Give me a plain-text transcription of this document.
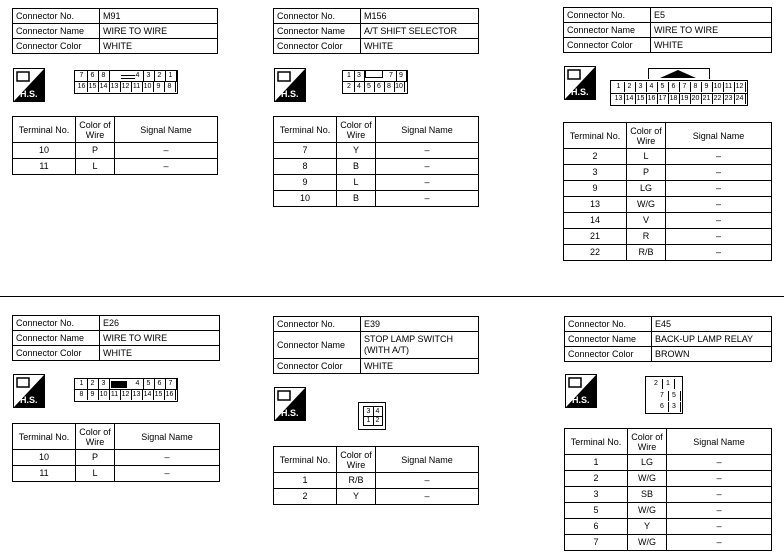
Connector No.	M91
Connector Name	WIRE TO WIRE
Connector Color	WHITE
H.S.
7	6	8	4	3	2	1
16 15 14 13 12 11 10 9	8
Terminal No.	Color of Wire	Signal Name
10	P	–
11	L	–
Connector No.	M156
Connector Name	A/T SHIFT SELECTOR
Connector Color	WHITE
H.S.
1 3	7 9
2 4 5 6 8 10
Terminal No.	Color of Wire	Signal Name
7	Y	–
8	B	–
9	L	–
10	B	–
Connector No.	E5
Connector Name	WIRE TO WIRE
Connector Color	WHITE
H.S.
1	2	3	4	5	6	7	8	9 10 11 12
13 14 15 16 17 18 19 20 21 22 23 24
Terminal No.	Color of Wire	Signal Name
2	L	–
3	P	–
9	LG	–
13	W/G	–
14	V	–
21	R	–
22	R/B	–
Connector No.	E26
Connector Name	WIRE TO WIRE
Connector Color	WHITE
H.S.
1	2	3	4	5	6	7
8	9 10 11 12 13 14 15 16
Terminal No.	Color of Wire	Signal Name
10	P	–
11	L	–
Connector No.	E39
Connector Name	STOP LAMP SWITCH
(WITH A/T)
Connector Color	WHITE
H.S.	3 4
1 2
Terminal No.	Color of Wire	Signal Name
1	R/B	–
2	Y	–
Connector No.	E45
Connector Name	BACK-UP LAMP RELAY
Connector Color	BROWN
H.S.
2	1
7	5
6	3
Terminal No.	Color of Wire	Signal Name
1	LG	–
2	W/G	–
3	SB	–
5	W/G	–
6	Y	–
7	W/G	–
